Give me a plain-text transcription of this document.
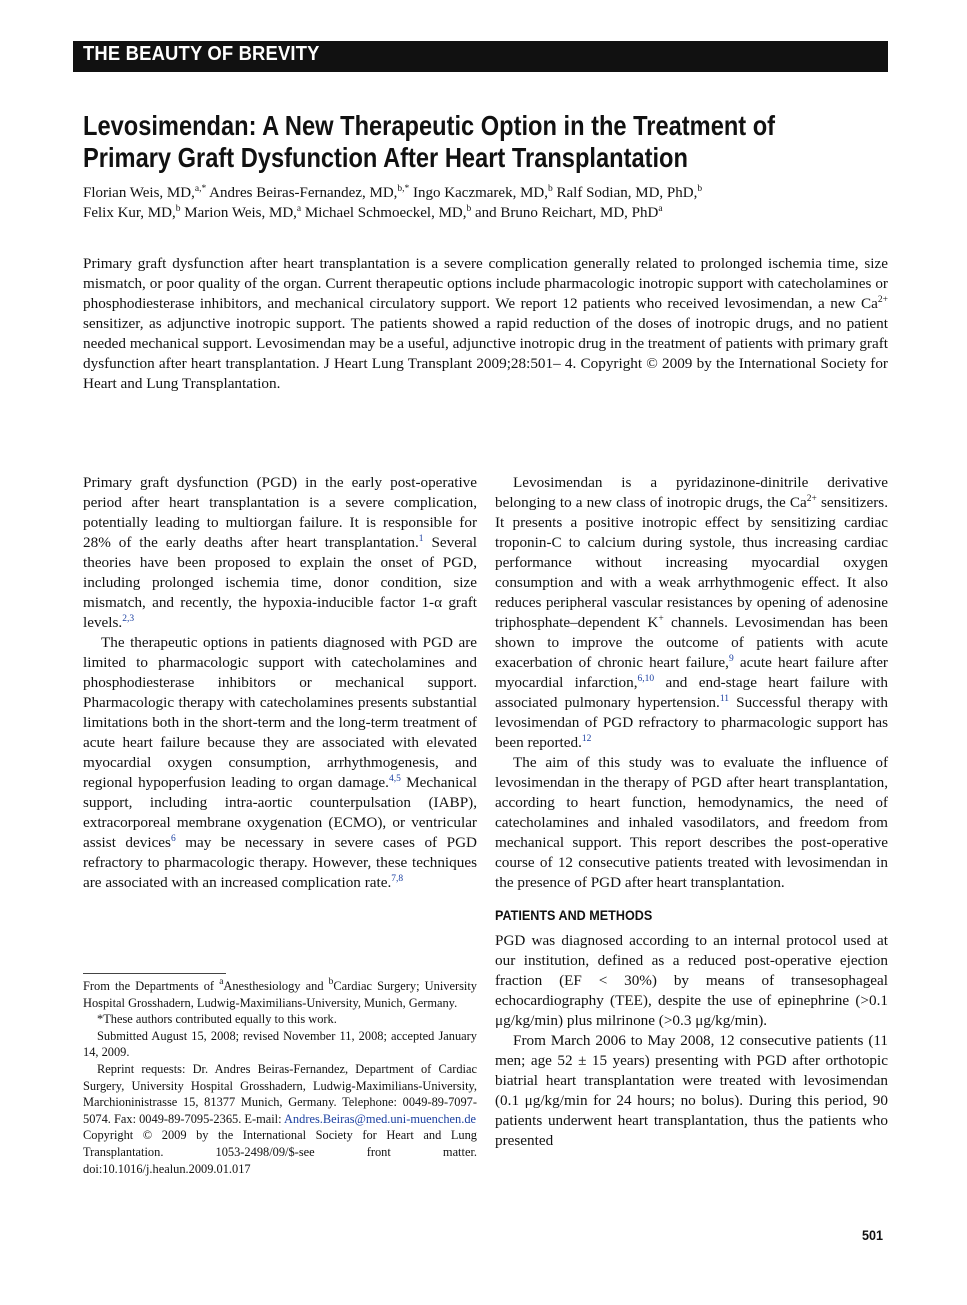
THE BEAUTY OF BREVITY
Levosimendan: A New Therapeutic Option in the Treatment of
Primary Graft Dysfunction After Heart Transplantation
Florian Weis, MD,$^{a,*}$ Andres Beiras-Fernandez, MD,$^{b,*}$ Ingo Kaczmarek, MD,$^b$ Ralf Sodian, MD, PhD,$^b$
Felix Kur, MD,$^b$ Marion Weis, MD,$^a$ Michael Schmoeckel, MD,$^b$ and Bruno Reichart, MD, PhD$^a$

Primary graft dysfunction after heart transplantation is a severe complication generally related to prolonged ischemia time, size mismatch, or poor quality of the organ. Current therapeutic options include pharmacologic inotropic support with catecholamines or phosphodiesterase inhibitors, and mechanical circulatory support. We report 12 patients who received levosimendan, a new $Ca^{2+}$ sensitizer, as adjunctive inotropic support. The patients showed a rapid reduction of the doses of inotropic drugs, and no patient needed mechanical support. Levosimendan may be a useful, adjunctive inotropic drug in the treatment of patients with primary graft dysfunction after heart transplantation. J Heart Lung Transplant 2009;28:501– 4. Copyright © 2009 by the International Society for Heart and Lung Transplantation.

Primary graft dysfunction (PGD) in the early post-operative period after heart transplantation is a severe complication, potentially leading to multiorgan failure. It is responsible for 28% of the early deaths after heart transplantation.$^1$ Several theories have been proposed to explain the onset of PGD, including prolonged ischemia time, donor condition, size mismatch, and recently, the hypoxia-inducible factor 1-α graft levels.$^{2,3}$

The therapeutic options in patients diagnosed with PGD are limited to pharmacologic support with catecholamines and phosphodiesterase inhibitors or mechanical support. Pharmacologic therapy with catecholamines presents substantial limitations both in the short-term and the long-term treatment of acute heart failure because they are associated with elevated myocardial oxygen consumption, arrhythmogenesis, and regional hypoperfusion leading to organ damage.$^{4,5}$ Mechanical support, including intra-aortic counterpulsation (IABP), extracorporeal membrane oxygenation (ECMO), or ventricular assist devices$^6$ may be necessary in severe cases of PGD refractory to pharmacologic therapy. However, these techniques are associated with an increased complication rate.$^{7,8}$

Levosimendan is a pyridazinone-dinitrile derivative belonging to a new class of inotropic drugs, the $Ca^{2+}$ sensitizers. It presents a positive inotropic effect by sensitizing cardiac troponin-C to calcium during systole, thus increasing cardiac performance without increasing myocardial oxygen consumption and with a weak arrhythmogenic effect. It also reduces peripheral vascular resistances by opening of adenosine triphosphate–dependent K+ channels. Levosimendan has been shown to improve the outcome of patients with acute exacerbation of chronic heart failure,$^9$ acute heart failure after myocardial infarction,$^{6,10}$ and end-stage heart failure with associated pulmonary hypertension.$^{11}$ Successful therapy with levosimendan of PGD refractory to pharmacologic support has been reported.$^{12}$

The aim of this study was to evaluate the influence of levosimendan in the therapy of PGD after heart transplantation, according to heart function, hemodynamics, the need of catecholamines and inhaled vasodilators, and freedom from mechanical support. This report describes the post-operative course of 12 consecutive patients treated with levosimendan in the presence of PGD after heart transplantation.

PATIENTS AND METHODS

PGD was diagnosed according to an internal protocol used at our institution, defined as a reduced post-operative ejection fraction (EF < 30%) by means of transesophageal echocardiography (TEE), despite the use of epinephrine (>0.1 μg/kg/min) plus milrinone (>0.3 μg/kg/min).

From March 2006 to May 2008, 12 consecutive patients (11 men; age 52 ± 15 years) presenting with PGD after orthotopic biatrial heart transplantation were treated with levosimendan (0.1 μg/kg/min for 24 hours; no bolus). During this period, 90 patients underwent heart transplantation, thus the patients who presented

From the Departments of $^a$Anesthesiology and $^b$Cardiac Surgery; University Hospital Grosshadern, Ludwig-Maximilians-University, Munich, Germany.

*These authors contributed equally to this work.

Submitted August 15, 2008; revised November 11, 2008; accepted January 14, 2009.

Reprint requests: Dr. Andres Beiras-Fernandez, Department of Cardiac Surgery, University Hospital Grosshadern, Ludwig-Maximilians-University, Marchioninistrasse 15, 81377 Munich, Germany. Telephone: 0049-89-7097-5074. Fax: 0049-89-7095-2365. E-mail: Andres.Beiras@med.uni-muenchen.de

Copyright © 2009 by the International Society for Heart and Lung Transplantation. 1053-2498/09/$-see front matter. doi:10.1016/j.healun.2009.01.017

501
